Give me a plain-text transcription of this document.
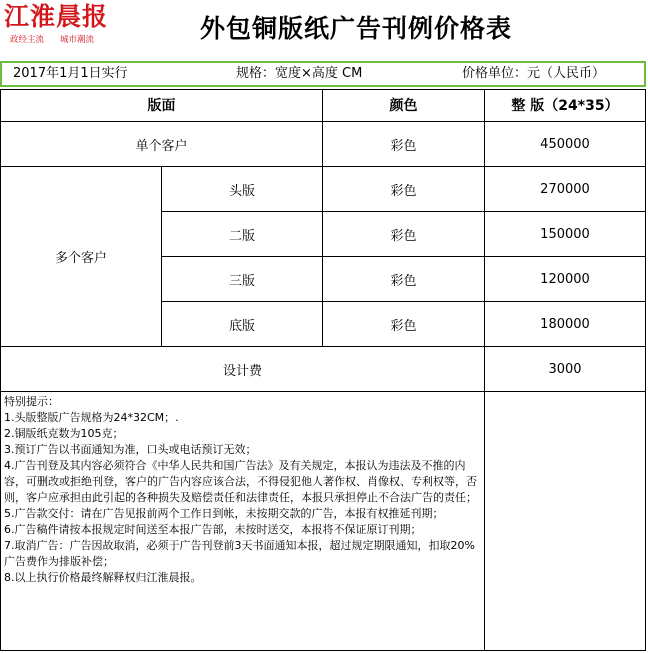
江淮晨报
政经主流 城市潮流	外包铜版纸广告刊例价格表
2017年1月1日实行	规格：宽度×高度 CM	价格单位：元（人民币）
版面	颜色	整 版（24*35）
单个客户	彩色	450000
多个客户
头版	彩色	270000
二版	彩色	150000
三版	彩色	120000
底版	彩色	180000
设计费	3000
特别提示：
1.头版整版广告规格为24*32CM；.
2.铜版纸克数为105克；
3.预订广告以书面通知为准，口头或电话预订无效；
4.广告刊登及其内容必须符合《中华人民共和国广告法》及有关规定，本报认为违法及不推的内容，可删改或拒绝刊登，客户的广告内容应该合法，不得侵犯他人著作权、肖像权、专利权等，否则，客户应承担由此引起的各种损失及赔偿责任和法律责任，本报只承担停止不合法广告的责任；
5.广告款交付：请在广告见报前两个工作日到帐，未按期交款的广告，本报有权推延刊期；
6.广告稿件请按本报规定时间送至本报广告部，未按时送交，本报将不保证原订刊期；
7.取消广告：广告因故取消，必须于广告刊登前3天书面通知本报，超过规定期限通知，扣取20%广告费作为排版补偿；
8.以上执行价格最终解释权归江淮晨报。
